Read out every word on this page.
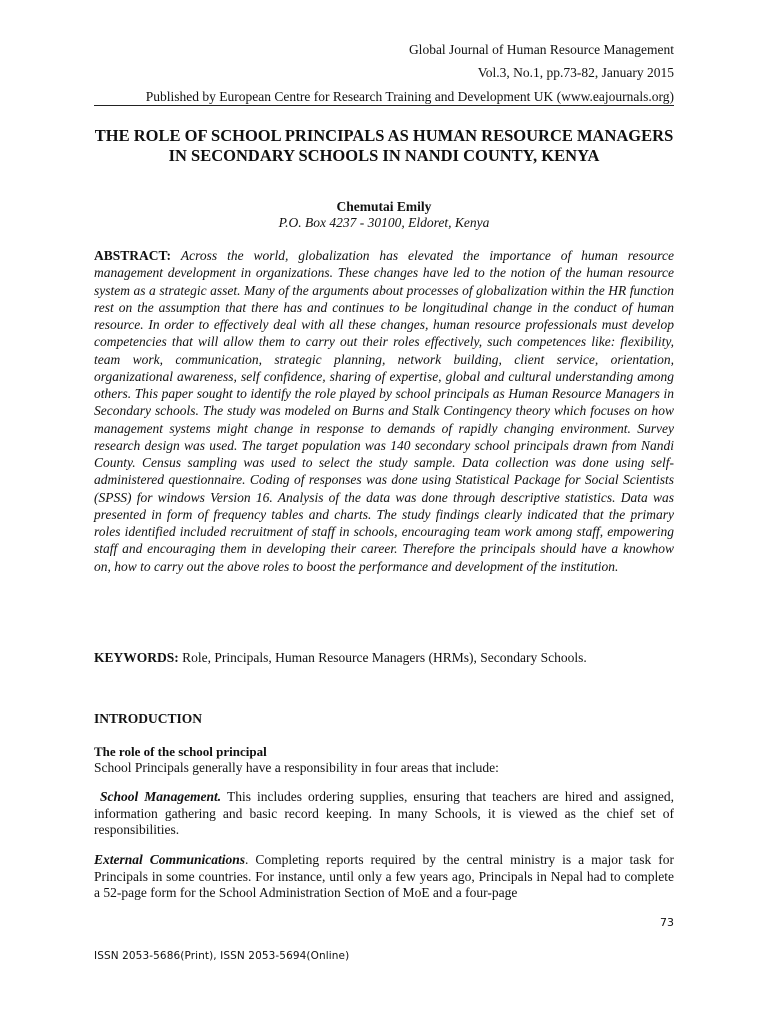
Global Journal of Human Resource Management
Vol.3, No.1, pp.73-82, January 2015
Published by European Centre for Research Training and Development UK (www.eajournals.org)
THE ROLE OF SCHOOL PRINCIPALS AS HUMAN RESOURCE MANAGERS IN SECONDARY SCHOOLS IN NANDI COUNTY, KENYA
Chemutai Emily
P.O. Box 4237 - 30100, Eldoret, Kenya
ABSTRACT: Across the world, globalization has elevated the importance of human resource management development in organizations. These changes have led to the notion of the human resource system as a strategic asset. Many of the arguments about processes of globalization within the HR function rest on the assumption that there has and continues to be longitudinal change in the conduct of human resource. In order to effectively deal with all these changes, human resource professionals must develop competencies that will allow them to carry out their roles effectively, such competences like: flexibility, team work, communication, strategic planning, network building, client service, orientation, organizational awareness, self confidence, sharing of expertise, global and cultural understanding among others. This paper sought to identify the role played by school principals as Human Resource Managers in Secondary schools. The study was modeled on Burns and Stalk Contingency theory which focuses on how management systems might change in response to demands of rapidly changing environment. Survey research design was used. The target population was 140 secondary school principals drawn from Nandi County. Census sampling was used to select the study sample. Data collection was done using self-administered questionnaire. Coding of responses was done using Statistical Package for Social Scientists (SPSS) for windows Version 16. Analysis of the data was done through descriptive statistics. Data was presented in form of frequency tables and charts. The study findings clearly indicated that the primary roles identified included recruitment of staff in schools, encouraging team work among staff, empowering staff and encouraging them in developing their career. Therefore the principals should have a knowhow on, how to carry out the above roles to boost the performance and development of the institution.
KEYWORDS: Role, Principals, Human Resource Managers (HRMs), Secondary Schools.
INTRODUCTION
The role of the school principal
School Principals generally have a responsibility in four areas that include:
School Management. This includes ordering supplies, ensuring that teachers are hired and assigned, information gathering and basic record keeping. In many Schools, it is viewed as the chief set of responsibilities.
External Communications. Completing reports required by the central ministry is a major task for Principals in some countries. For instance, until only a few years ago, Principals in Nepal had to complete a 52-page form for the School Administration Section of MoE and a four-page
73
ISSN 2053-5686(Print), ISSN 2053-5694(Online)
